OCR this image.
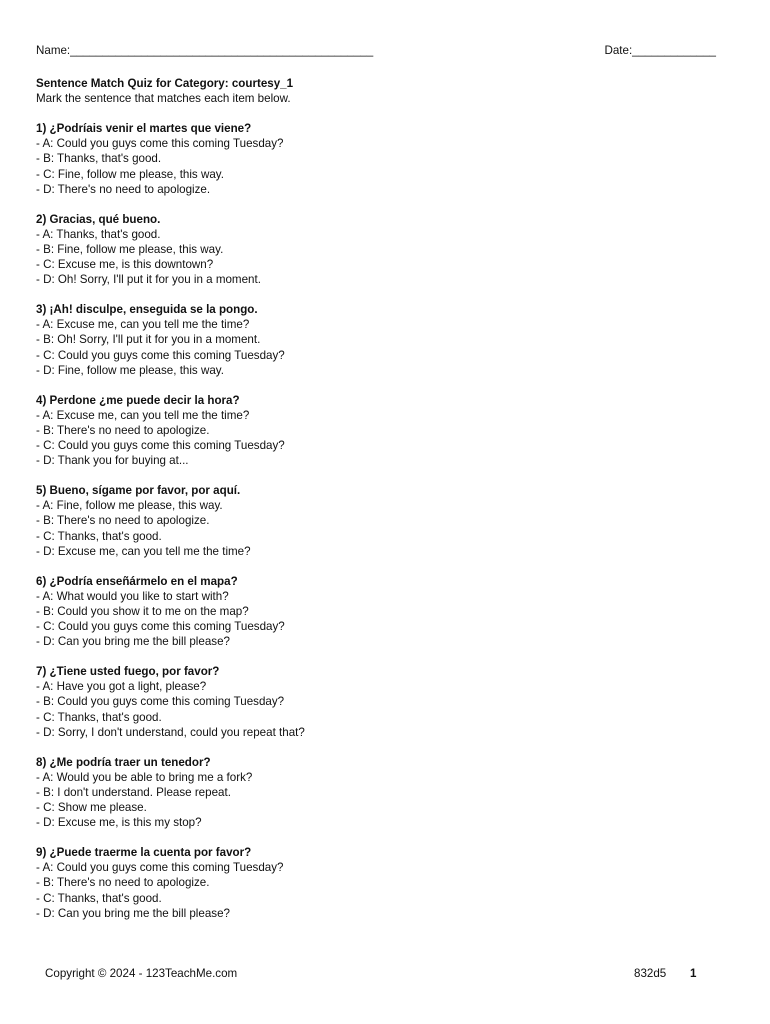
Name:_______________________________________________	Date:_____________
Sentence Match Quiz for Category: courtesy_1
Mark the sentence that matches each item below.
1) ¿Podríais venir el martes que viene?
- A: Could you guys come this coming Tuesday?
- B: Thanks, that's good.
- C: Fine, follow me please, this way.
- D: There's no need to apologize.
2) Gracias, qué bueno.
- A: Thanks, that's good.
- B: Fine, follow me please, this way.
- C: Excuse me, is this downtown?
- D: Oh! Sorry, I'll put it for you in a moment.
3) ¡Ah! disculpe, enseguida se la pongo.
- A: Excuse me, can you tell me the time?
- B: Oh! Sorry, I'll put it for you in a moment.
- C: Could you guys come this coming Tuesday?
- D: Fine, follow me please, this way.
4) Perdone ¿me puede decir la hora?
- A: Excuse me, can you tell me the time?
- B: There's no need to apologize.
- C: Could you guys come this coming Tuesday?
- D: Thank you for buying at...
5) Bueno, sígame por favor, por aquí.
- A: Fine, follow me please, this way.
- B: There's no need to apologize.
- C: Thanks, that's good.
- D: Excuse me, can you tell me the time?
6) ¿Podría enseñármelo en el mapa?
- A: What would you like to start with?
- B: Could you show it to me on the map?
- C: Could you guys come this coming Tuesday?
- D: Can you bring me the bill please?
7) ¿Tiene usted fuego, por favor?
- A: Have you got a light, please?
- B: Could you guys come this coming Tuesday?
- C: Thanks, that's good.
- D: Sorry, I don't understand, could you repeat that?
8) ¿Me podría traer un tenedor?
- A: Would you be able to bring me a fork?
- B: I don't understand. Please repeat.
- C: Show me please.
- D: Excuse me, is this my stop?
9) ¿Puede traerme la cuenta por favor?
- A: Could you guys come this coming Tuesday?
- B: There's no need to apologize.
- C: Thanks, that's good.
- D: Can you bring me the bill please?
Copyright © 2024 - 123TeachMe.com	832d5 1
